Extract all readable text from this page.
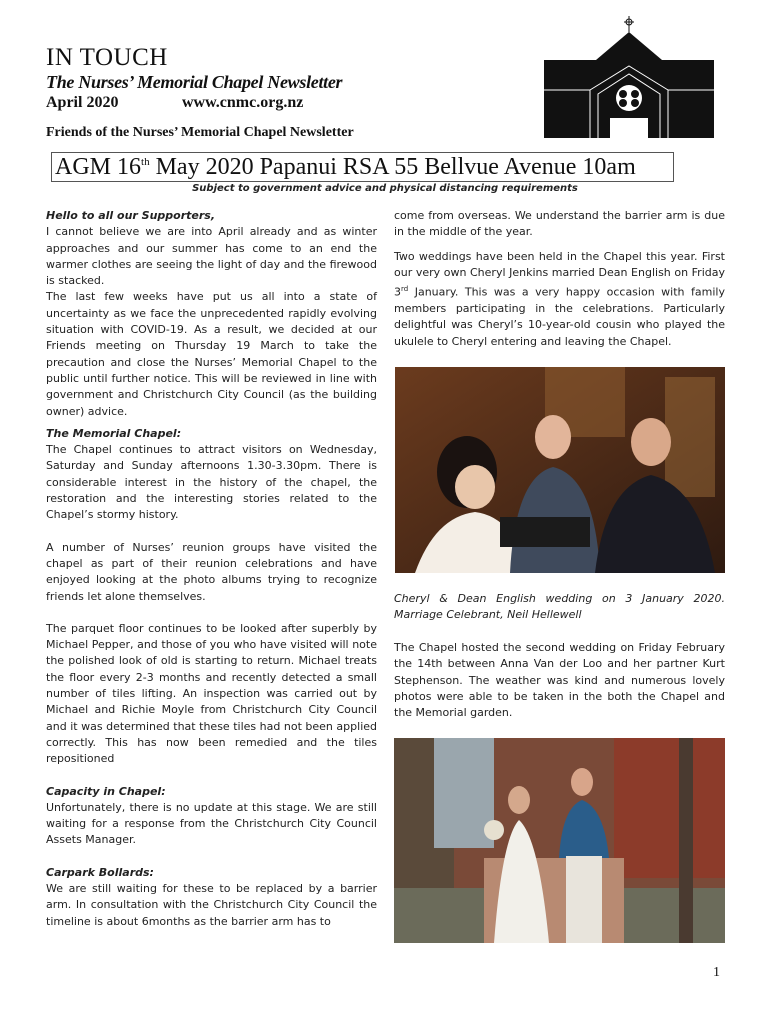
IN TOUCH
The Nurses’ Memorial Chapel Newsletter
April 2020	www.cnmc.org.nz
Friends of the Nurses’ Memorial Chapel Newsletter
AGM 16th May 2020 Papanui RSA 55 Bellvue Avenue 10am
Subject to government advice and physical distancing requirements

Hello to all our Supporters,

I cannot believe we are into April already and as winter approaches and our summer has come to an end the warmer clothes are seeing the light of day and the firewood is stacked.

The last few weeks have put us all into a state of uncertainty as we face the unprecedented rapidly evolving situation with COVID-19. As a result, we decided at our Friends meeting on Thursday 19 March to take the precaution and close the Nurses’ Memorial Chapel to the public until further notice. This will be reviewed in line with government and Christchurch City Council (as the building owner) advice.

The Memorial Chapel:

The Chapel continues to attract visitors on Wednesday, Saturday and Sunday afternoons 1.30-3.30pm. There is considerable interest in the history of the chapel, the restoration and the interesting stories related to the Chapel’s stormy history.

A number of Nurses’ reunion groups have visited the chapel as part of their reunion celebrations and have enjoyed looking at the photo albums trying to recognize friends let alone themselves.

The parquet floor continues to be looked after superbly by Michael Pepper, and those of you who have visited will note the polished look of old is starting to return. Michael treats the floor every 2-3 months and recently detected a small number of tiles lifting. An inspection was carried out by Michael and Richie Moyle from Christchurch City Council and it was determined that these tiles had not been applied correctly. This has now been remedied and the tiles repositioned

Capacity in Chapel:

Unfortunately, there is no update at this stage. We are still waiting for a response from the Christchurch City Council Assets Manager.

Carpark Bollards:

We are still waiting for these to be replaced by a barrier arm. In consultation with the Christchurch City Council the timeline is about 6months as the barrier arm has to

come from overseas. We understand the barrier arm is due in the middle of the year.

Two weddings have been held in the Chapel this year. First our very own Cheryl Jenkins married Dean English on Friday 3rd January. This was a very happy occasion with family members participating in the celebrations. Particularly delightful was Cheryl’s 10-year-old cousin who played the ukulele to Cheryl entering and leaving the Chapel.

Cheryl & Dean English wedding on 3 January 2020. Marriage Celebrant, Neil Hellewell

The Chapel hosted the second wedding on Friday February the 14th between Anna Van der Loo and her partner Kurt Stephenson. The weather was kind and numerous lovely photos were able to be taken in the both the Chapel and the Memorial garden.

1
